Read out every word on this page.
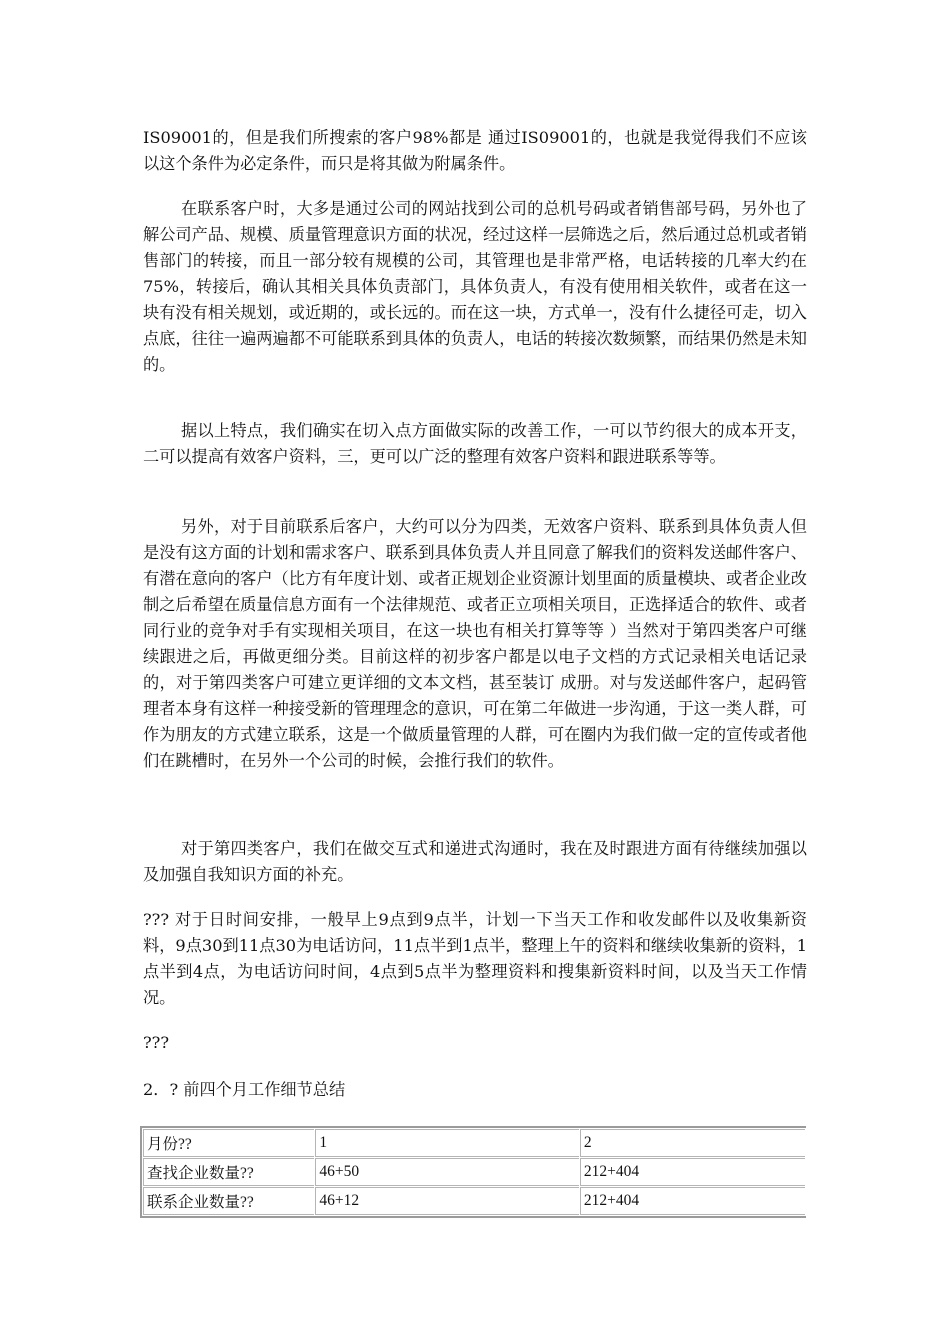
IS09001的，但是我们所搜索的客户98%都是 通过IS09001的，也就是我觉得我们不应该以这个条件为必定条件，而只是将其做为附属条件。

在联系客户时，大多是通过公司的网站找到公司的总机号码或者销售部号码，另外也了解公司产品、规模、质量管理意识方面的状况，经过这样一层筛选之后，然后通过总机或者销售部门的转接，而且一部分较有规模的公司，其管理也是非常严格，电话转接的几率大约在75%，转接后，确认其相关具体负责部门，具体负责人，有没有使用相关软件，或者在这一块有没有相关规划，或近期的，或长远的。而在这一块，方式单一，没有什么捷径可走，切入点底，往往一遍两遍都不可能联系到具体的负责人，电话的转接次数频繁，而结果仍然是未知的。

据以上特点，我们确实在切入点方面做实际的改善工作，一可以节约很大的成本开支，二可以提高有效客户资料，三，更可以广泛的整理有效客户资料和跟进联系等等。

另外，对于目前联系后客户，大约可以分为四类，无效客户资料、联系到具体负责人但是没有这方面的计划和需求客户、联系到具体负责人并且同意了解我们的资料发送邮件客户、有潜在意向的客户（比方有年度计划、或者正规划企业资源计划里面的质量模块、或者企业改制之后希望在质量信息方面有一个法律规范、或者正立项相关项目，正选择适合的软件、或者同行业的竞争对手有实现相关项目，在这一块也有相关打算等等 ）当然对于第四类客户可继续跟进之后，再做更细分类。目前这样的初步客户都是以电子文档的方式记录相关电话记录的，对于第四类客户可建立更详细的文本文档，甚至装订 成册。对与发送邮件客户，起码管理者本身有这样一种接受新的管理理念的意识，可在第二年做进一步沟通，于这一类人群，可作为朋友的方式建立联系，这是一个做质量管理的人群，可在圈内为我们做一定的宣传或者他们在跳槽时，在另外一个公司的时候，会推行我们的软件。

对于第四类客户，我们在做交互式和递进式沟通时，我在及时跟进方面有待继续加强以及加强自我知识方面的补充。

??? 对于日时间安排，一般早上9点到9点半，计划一下当天工作和收发邮件以及收集新资料，9点30到11点30为电话访问，11点半到1点半，整理上午的资料和继续收集新的资料，1点半到4点，为电话访问时间，4点到5点半为整理资料和搜集新资料时间，以及当天工作情况。

???

2．? 前四个月工作细节总结

月份??	1	2
查找企业数量??	46+50	212+404
联系企业数量??	46+12	212+404
